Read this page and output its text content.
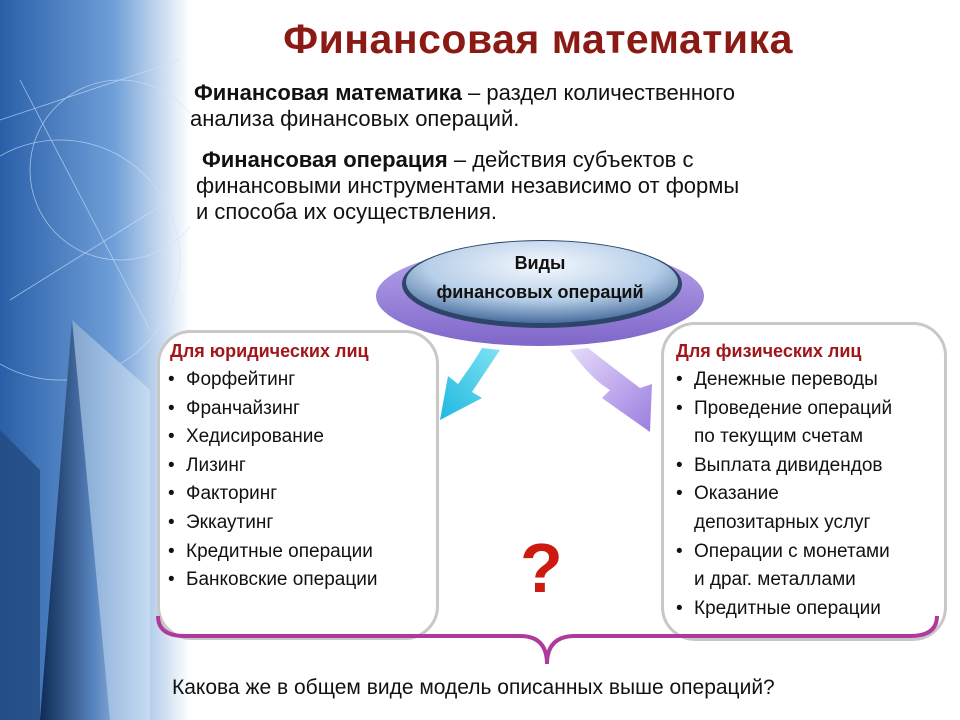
Финансовая математика
Финансовая математика – раздел количественного
анализа финансовых операций.
Финансовая операция – действия субъектов с
финансовыми инструментами независимо от формы
и способа их осуществления.
Виды
финансовых операций
Для юридических лиц
• Форфейтинг
• Франчайзинг
• Хедисирование
• Лизинг
• Факторинг
• Эккаутинг
• Кредитные операции
• Банковские операции
Для физических лиц
• Денежные переводы
• Проведение операций
по текущим счетам
• Выплата дивидендов
• Оказание
депозитарных услуг
• Операции с монетами
и драг. металлами
• Кредитные операции
?
Какова же в общем виде модель описанных выше операций?
